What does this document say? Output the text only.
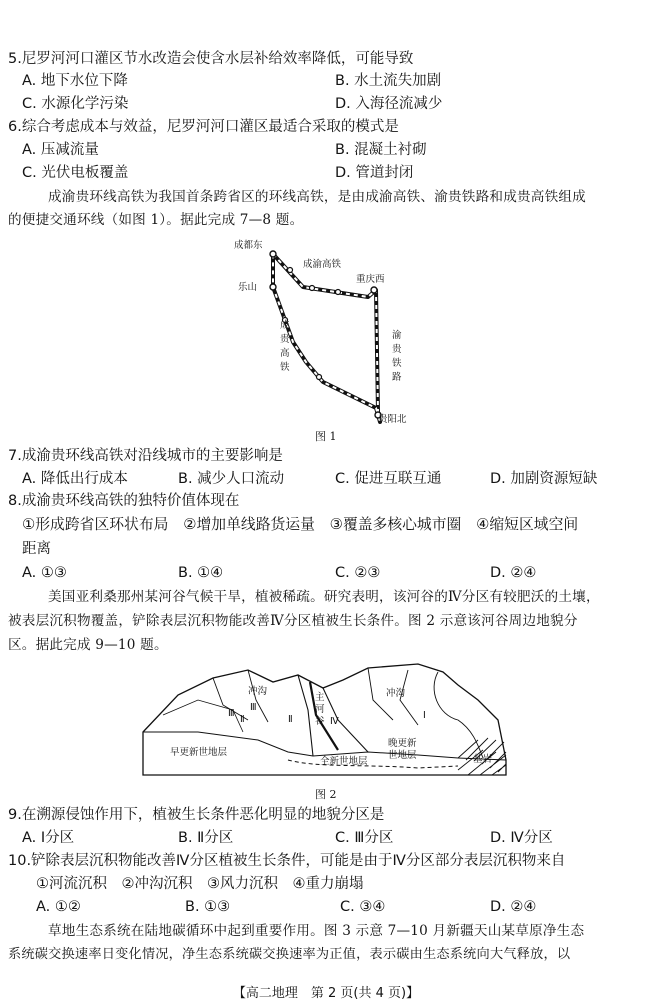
5.尼罗河河口灌区节水改造会使含水层补给效率降低，可能导致
A. 地下水位下降	B. 水土流失加剧
C. 水源化学污染	D. 入海径流减少
6.综合考虑成本与效益，尼罗河河口灌区最适合采取的模式是
A. 压减流量	B. 混凝土衬砌
C. 光伏电板覆盖	D. 管道封闭
成渝贵环线高铁为我国首条跨省区的环线高铁，是由成渝高铁、渝贵铁路和成贵高铁组成
的便捷交通环线（如图 1）。据此完成 7—8 题。
成都东
成渝高铁
重庆西
乐山
成
贵
高
铁
渝
贵
铁
路
贵阳北
图 1
7.成渝贵环线高铁对沿线城市的主要影响是
A. 降低出行成本	B. 减少人口流动	C. 促进互联互通	D. 加剧资源短缺
8.成渝贵环线高铁的独特价值体现在
①形成跨省区环状布局　②增加单线路货运量　③覆盖多核心城市圈　④缩短区域空间
距离
A. ①③	B. ①④	C. ②③	D. ②④
美国亚利桑那州某河谷气候干旱，植被稀疏。研究表明，该河谷的Ⅳ分区有较肥沃的土壤，
被表层沉积物覆盖，铲除表层沉积物能改善Ⅳ分区植被生长条件。图 2 示意该河谷周边地貌分
区。据此完成 9—10 题。
主
河
谷 Ⅳ
冲沟
冲沟
Ⅰ
Ⅱ
Ⅲ
Ⅱ
Ⅲ
早更新世地层
晚更新
世地层
全新世地层	基岩
图 2
9.在溯源侵蚀作用下，植被生长条件恶化明显的地貌分区是
A. Ⅰ分区	B. Ⅱ分区	C. Ⅲ分区	D. Ⅳ分区
10.铲除表层沉积物能改善Ⅳ分区植被生长条件，可能是由于Ⅳ分区部分表层沉积物来自
①河流沉积　②冲沟沉积　③风力沉积　④重力崩塌
A. ①②	B. ①③	C. ③④	D. ②④
草地生态系统在陆地碳循环中起到重要作用。图 3 示意 7—10 月新疆天山某草原净生态
系统碳交换速率日变化情况，净生态系统碳交换速率为正值，表示碳由生态系统向大气释放，以
【高二地理　第 2 页(共 4 页)】
